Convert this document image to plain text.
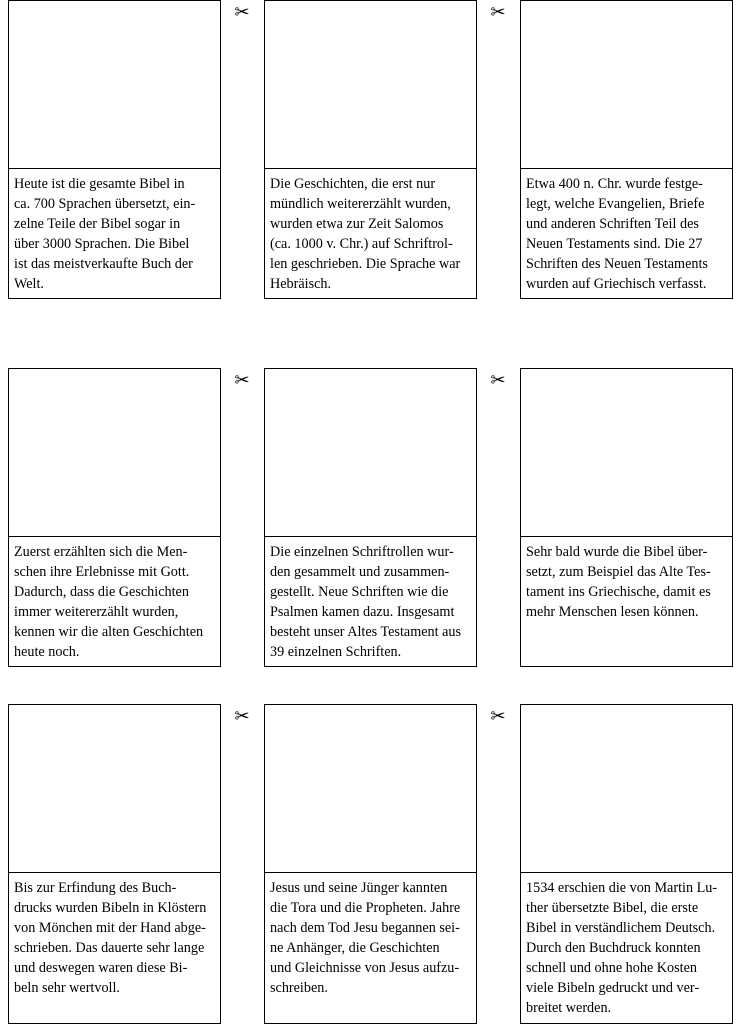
Heute ist die gesamte Bibel in
ca. 700 Sprachen übersetzt, ein-
zelne Teile der Bibel sogar in
über 3000 Sprachen. Die Bibel
ist das meistverkaufte Buch der
Welt.
✂
Die Geschichten, die erst nur
mündlich weitererzählt wurden,
wurden etwa zur Zeit Salomos
(ca. 1000 v. Chr.) auf Schriftrol-
len geschrieben. Die Sprache war
Hebräisch.
✂
Etwa 400 n. Chr. wurde festge-
legt, welche Evangelien, Briefe
und anderen Schriften Teil des
Neuen Testaments sind. Die 27
Schriften des Neuen Testaments
wurden auf Griechisch verfasst.
Zuerst erzählten sich die Men-
schen ihre Erlebnisse mit Gott.
Dadurch, dass die Geschichten
immer weitererzählt wurden,
kennen wir die alten Geschichten
heute noch.
✂
Die einzelnen Schriftrollen wur-
den gesammelt und zusammen-
gestellt. Neue Schriften wie die
Psalmen kamen dazu. Insgesamt
besteht unser Altes Testament aus
39 einzelnen Schriften.
✂
Sehr bald wurde die Bibel über-
setzt, zum Beispiel das Alte Tes-
tament ins Griechische, damit es
mehr Menschen lesen können.
Bis zur Erfindung des Buch-
drucks wurden Bibeln in Klöstern
von Mönchen mit der Hand abge-
schrieben. Das dauerte sehr lange
und deswegen waren diese Bi-
beln sehr wertvoll.
✂
Jesus und seine Jünger kannten
die Tora und die Propheten. Jahre
nach dem Tod Jesu begannen sei-
ne Anhänger, die Geschichten
und Gleichnisse von Jesus aufzu-
schreiben.
✂
1534 erschien die von Martin Lu-
ther übersetzte Bibel, die erste
Bibel in verständlichem Deutsch.
Durch den Buchdruck konnten
schnell und ohne hohe Kosten
viele Bibeln gedruckt und ver-
breitet werden.
